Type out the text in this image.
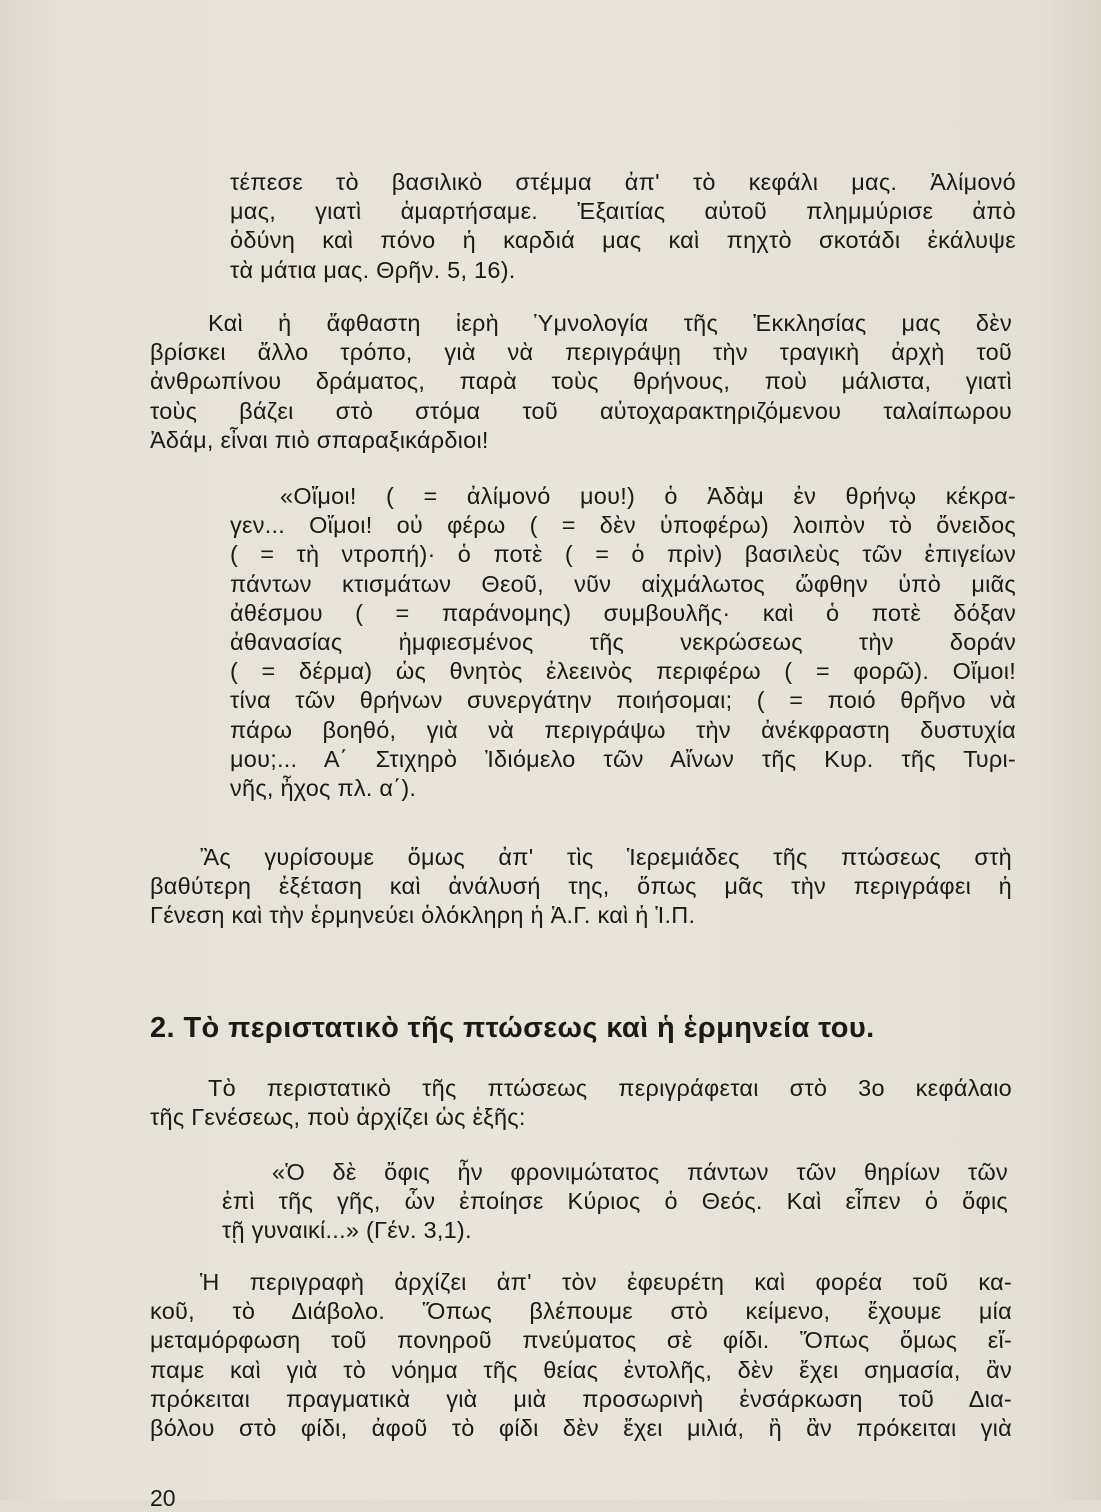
τέπεσε τὸ βασιλικὸ στέμμα ἀπ' τὸ κεφάλι μας. Ἀλίμονό
μας, γιατὶ ἁμαρτήσαμε. Ἐξαιτίας αὐτοῦ πλημμύρισε ἀπὸ
ὀδύνη καὶ πόνο ἡ καρδιά μας καὶ πηχτὸ σκοτάδι ἐκάλυψε
τὰ μάτια μας. Θρῆν. 5, 16).
Καὶ ἡ ἄφθαστη ἱερὴ Ὑμνολογία τῆς Ἐκκλησίας μας δὲν
βρίσκει ἄλλο τρόπο, γιὰ νὰ περιγράψῃ τὴν τραγικὴ ἀρχὴ τοῦ
ἀνθρωπίνου δράματος, παρὰ τοὺς θρήνους, ποὺ μάλιστα, γιατὶ
τοὺς βάζει στὸ στόμα τοῦ αὐτοχαρακτηριζόμενου ταλαίπωρου
Ἀδάμ, εἶναι πιὸ σπαραξικάρδιοι!
«Οἴμοι! ( = ἀλίμονό μου!) ὁ Ἀδὰμ ἐν θρήνῳ κέκρα-
γεν... Οἴμοι! οὐ φέρω ( = δὲν ὑποφέρω) λοιπὸν τὸ ὄνειδος
( = τὴ ντροπή)· ὁ ποτὲ ( = ὁ πρὶν) βασιλεὺς τῶν ἐπιγείων
πάντων κτισμάτων Θεοῦ, νῦν αἰχμάλωτος ὤφθην ὑπὸ μιᾶς
ἀθέσμου ( = παράνομης) συμβουλῆς· καὶ ὁ ποτὲ δόξαν
ἀθανασίας ἠμφιεσμένος τῆς νεκρώσεως τὴν δοράν
( = δέρμα) ὡς θνητὸς ἐλεεινὸς περιφέρω ( = φορῶ). Οἴμοι!
τίνα τῶν θρήνων συνεργάτην ποιήσομαι; ( = ποιό θρῆνο νὰ
πάρω βοηθό, γιὰ νὰ περιγράψω τὴν ἀνέκφραστη δυστυχία
μου;... Α΄ Στιχηρὸ Ἰδιόμελο τῶν Αἴνων τῆς Κυρ. τῆς Τυρι-
νῆς, ἦχος πλ. α΄).
Ἂς γυρίσουμε ὅμως ἀπ' τὶς Ἱερεμιάδες τῆς πτώσεως στὴ
βαθύτερη ἐξέταση καὶ ἀνάλυσή της, ὅπως μᾶς τὴν περιγράφει ἡ
Γένεση καὶ τὴν ἑρμηνεύει ὁλόκληρη ἡ Ἁ.Γ. καὶ ἡ Ἱ.Π.
2. Τὸ περιστατικὸ τῆς πτώσεως καὶ ἡ ἑρμηνεία του.
Τὸ περιστατικὸ τῆς πτώσεως περιγράφεται στὸ 3ο κεφάλαιο
τῆς Γενέσεως, ποὺ ἀρχίζει ὡς ἑξῆς:
«Ὁ δὲ ὄφις ἦν φρονιμώτατος πάντων τῶν θηρίων τῶν
ἐπὶ τῆς γῆς, ὧν ἐποίησε Κύριος ὁ Θεός. Καὶ εἶπεν ὁ ὄφις
τῇ γυναικί...» (Γέν. 3,1).
Ἡ περιγραφὴ ἀρχίζει ἀπ' τὸν ἐφευρέτη καὶ φορέα τοῦ κα-
κοῦ, τὸ Διάβολο. Ὅπως βλέπουμε στὸ κείμενο, ἔχουμε μία
μεταμόρφωση τοῦ πονηροῦ πνεύματος σὲ φίδι. Ὅπως ὅμως εἴ-
παμε καὶ γιὰ τὸ νόημα τῆς θείας ἐντολῆς, δὲν ἔχει σημασία, ἂν
πρόκειται πραγματικὰ γιὰ μιὰ προσωρινὴ ἐνσάρκωση τοῦ Δια-
βόλου στὸ φίδι, ἀφοῦ τὸ φίδι δὲν ἔχει μιλιά, ἢ ἂν πρόκειται γιὰ
20
